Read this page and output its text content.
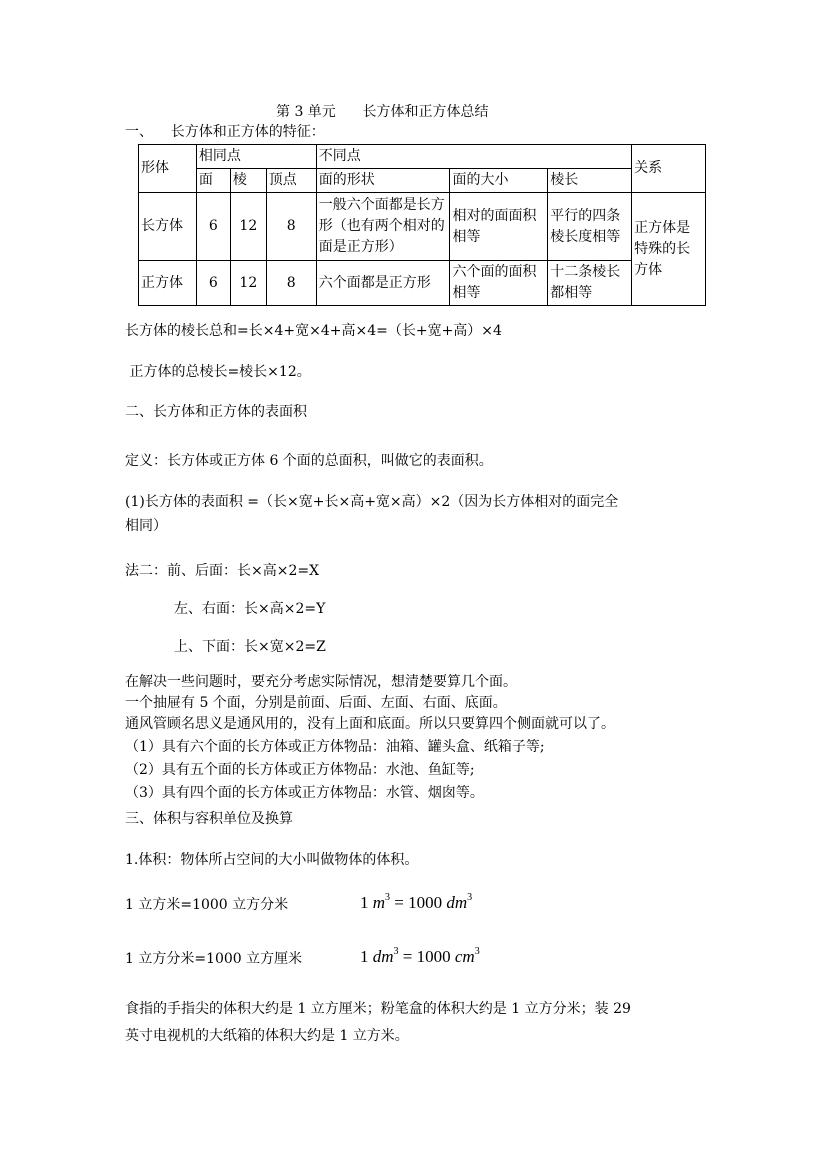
第 3 单元      长方体和正方体总结
一、    长方体和正方体的特征：
形体	相同点			不同点			关系
	面	棱	顶点	面的形状	面的大小	棱长	
长方体	6	12	8	一般六个面都是长方形（也有两个相对的面是正方形）	相对的面面积相等	平行的四条棱长度相等	正方体是特殊的长方体
正方体	6	12	8	六个面都是正方形	六个面的面积相等	十二条棱长都相等	
长方体的棱长总和=长×4+宽×4+高×4=（长+宽+高）×4
正方体的总棱长=棱长×12。
二、长方体和正方体的表面积
定义：长方体或正方体 6 个面的总面积，叫做它的表面积。
(1)长方体的表面积 =（长×宽+长×高+宽×高）×2（因为长方体相对的面完全
相同）
法二：前、后面：长×高×2=X
左、右面：长×高×2=Y
上、下面：长×宽×2=Z
在解决一些问题时，要充分考虑实际情况，想清楚要算几个面。
一个抽屉有 5 个面，分别是前面、后面、左面、右面、底面。
通风管顾名思义是通风用的，没有上面和底面。所以只要算四个侧面就可以了。
（1）具有六个面的长方体或正方体物品：油箱、罐头盒、纸箱子等;
（2）具有五个面的长方体或正方体物品：水池、鱼缸等;
（3）具有四个面的长方体或正方体物品：水管、烟囱等。
三、体积与容积单位及换算
1.体积：物体所占空间的大小叫做物体的体积。
1 立方米=1000 立方分米	1 $m^3 = 1000$ $dm^3$
1 立方分米=1000 立方厘米	1 $dm^3 = 1000$ $cm^3$
食指的手指尖的体积大约是 1 立方厘米；粉笔盒的体积大约是 1 立方分米；装 29
英寸电视机的大纸箱的体积大约是 1 立方米。
